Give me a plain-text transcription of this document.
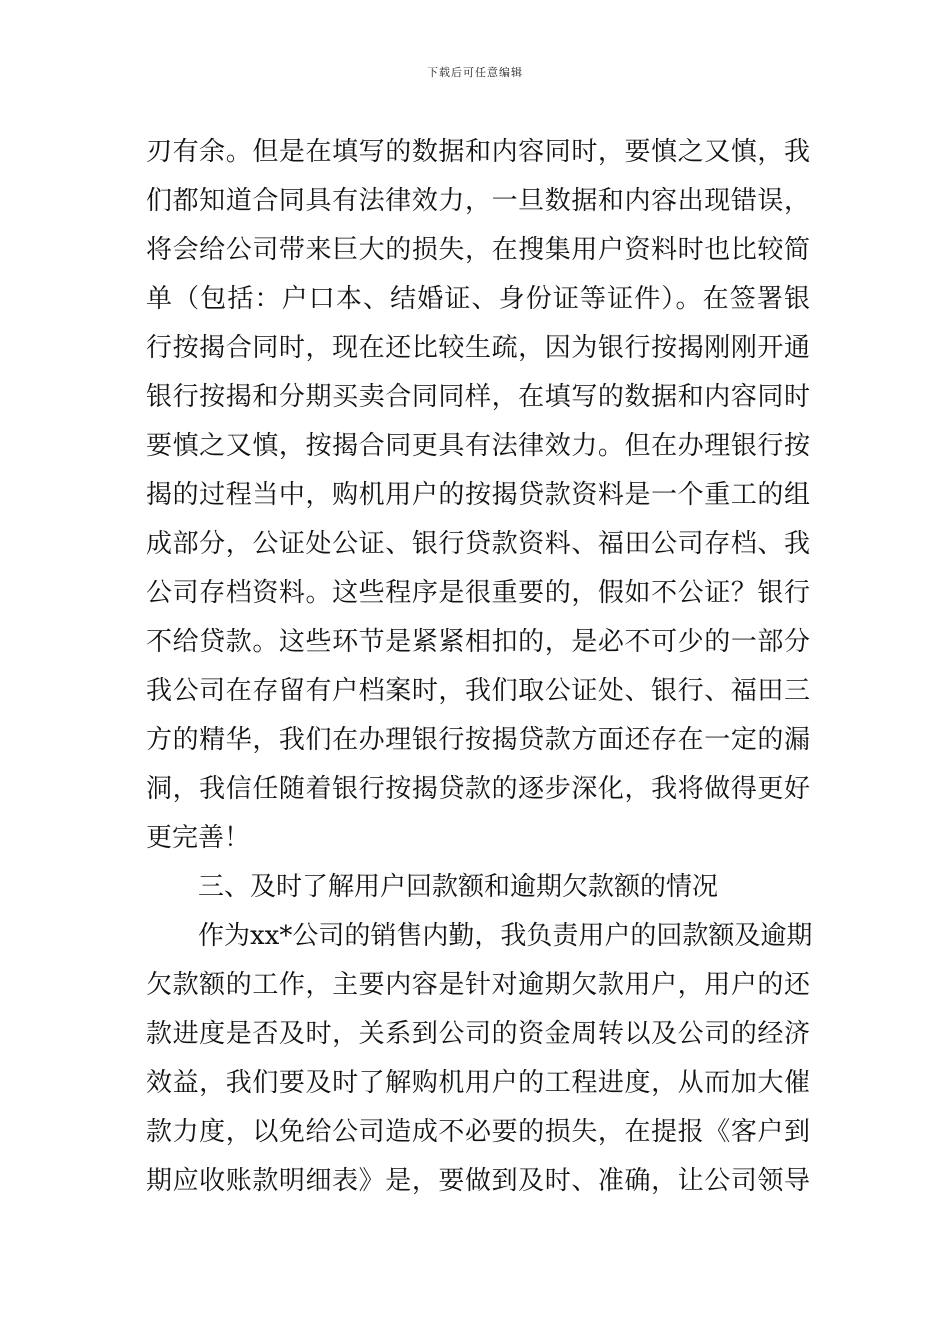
下载后可任意编辑
刃有余。但是在填写的数据和内容同时，要慎之又慎，我
们都知道合同具有法律效力，一旦数据和内容出现错误，
将会给公司带来巨大的损失，在搜集用户资料时也比较简
单（包括：户口本、结婚证、身份证等证件）。在签署银
行按揭合同时，现在还比较生疏，因为银行按揭刚刚开通
银行按揭和分期买卖合同同样，在填写的数据和内容同时
要慎之又慎，按揭合同更具有法律效力。但在办理银行按
揭的过程当中，购机用户的按揭贷款资料是一个重工的组
成部分，公证处公证、银行贷款资料、福田公司存档、我
公司存档资料。这些程序是很重要的，假如不公证？银行
不给贷款。这些环节是紧紧相扣的，是必不可少的一部分
我公司在存留有户档案时，我们取公证处、银行、福田三
方的精华，我们在办理银行按揭贷款方面还存在一定的漏
洞，我信任随着银行按揭贷款的逐步深化，我将做得更好
更完善！
三、及时了解用户回款额和逾期欠款额的情况
作为xx*公司的销售内勤，我负责用户的回款额及逾期
欠款额的工作，主要内容是针对逾期欠款用户，用户的还
款进度是否及时，关系到公司的资金周转以及公司的经济
效益，我们要及时了解购机用户的工程进度，从而加大催
款力度，以免给公司造成不必要的损失，在提报《客户到
期应收账款明细表》是，要做到及时、准确，让公司领导
